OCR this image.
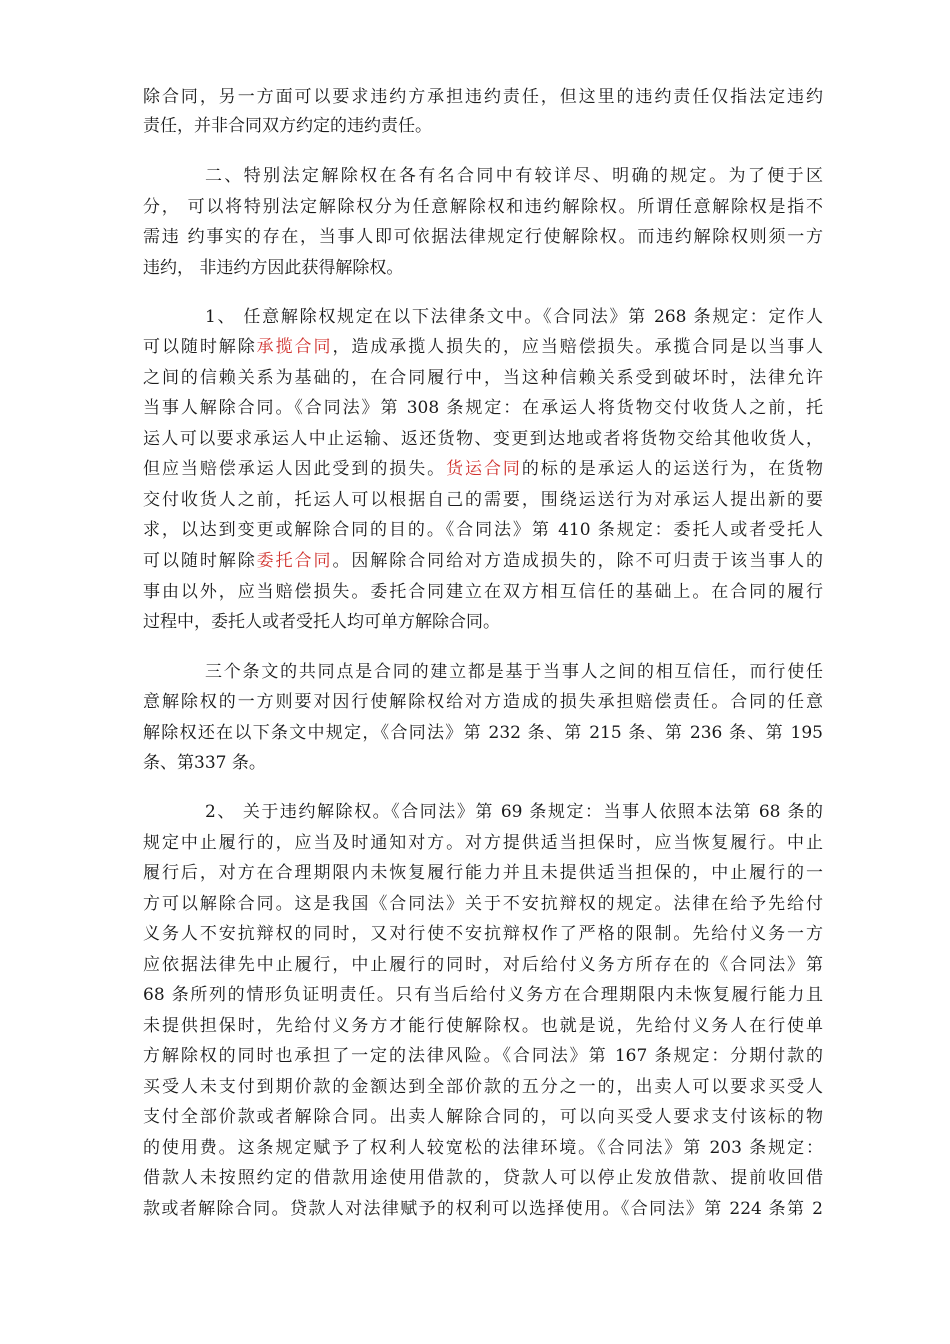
除合同，另一方面可以要求违约方承担违约责任，但这里的违约责任仅指法定违约
责任，并非合同双方约定的违约责任。
二、特别法定解除权在各有名合同中有较详尽、明确的规定。为了便于区
分， 可以将特别法定解除权分为任意解除权和违约解除权。所谓任意解除权是指不
需违 约事实的存在，当事人即可依据法律规定行使解除权。而违约解除权则须一方
违约， 非违约方因此获得解除权。
1、 任意解除权规定在以下法律条文中。《合同法》第 268 条规定：定作人
可以随时解除承揽合同，造成承揽人损失的，应当赔偿损失。承揽合同是以当事人
之间的信赖关系为基础的，在合同履行中，当这种信赖关系受到破坏时，法律允许
当事人解除合同。《合同法》第 308 条规定：在承运人将货物交付收货人之前，托
运人可以要求承运人中止运输、返还货物、变更到达地或者将货物交给其他收货人，
但应当赔偿承运人因此受到的损失。货运合同的标的是承运人的运送行为，在货物
交付收货人之前，托运人可以根据自己的需要，围绕运送行为对承运人提出新的要
求，以达到变更或解除合同的目的。《合同法》第 410 条规定：委托人或者受托人
可以随时解除委托合同。因解除合同给对方造成损失的，除不可归责于该当事人的
事由以外，应当赔偿损失。委托合同建立在双方相互信任的基础上。在合同的履行
过程中，委托人或者受托人均可单方解除合同。
三个条文的共同点是合同的建立都是基于当事人之间的相互信任，而行使任
意解除权的一方则要对因行使解除权给对方造成的损失承担赔偿责任。合同的任意
解除权还在以下条文中规定，《合同法》第 232 条、第 215 条、第 236 条、第 195
条、第337 条。
2、 关于违约解除权。《合同法》第 69 条规定：当事人依照本法第 68 条的
规定中止履行的，应当及时通知对方。对方提供适当担保时，应当恢复履行。中止
履行后，对方在合理期限内未恢复履行能力并且未提供适当担保的，中止履行的一
方可以解除合同。这是我国《合同法》关于不安抗辩权的规定。法律在给予先给付
义务人不安抗辩权的同时，又对行使不安抗辩权作了严格的限制。先给付义务一方
应依据法律先中止履行，中止履行的同时，对后给付义务方所存在的《合同法》第
68 条所列的情形负证明责任。只有当后给付义务方在合理期限内未恢复履行能力且
未提供担保时，先给付义务方才能行使解除权。也就是说，先给付义务人在行使单
方解除权的同时也承担了一定的法律风险。《合同法》第 167 条规定：分期付款的
买受人未支付到期价款的金额达到全部价款的五分之一的，出卖人可以要求买受人
支付全部价款或者解除合同。出卖人解除合同的，可以向买受人要求支付该标的物
的使用费。这条规定赋予了权利人较宽松的法律环境。《合同法》第 203 条规定：
借款人未按照约定的借款用途使用借款的，贷款人可以停止发放借款、提前收回借
款或者解除合同。贷款人对法律赋予的权利可以选择使用。《合同法》第 224 条第 2
